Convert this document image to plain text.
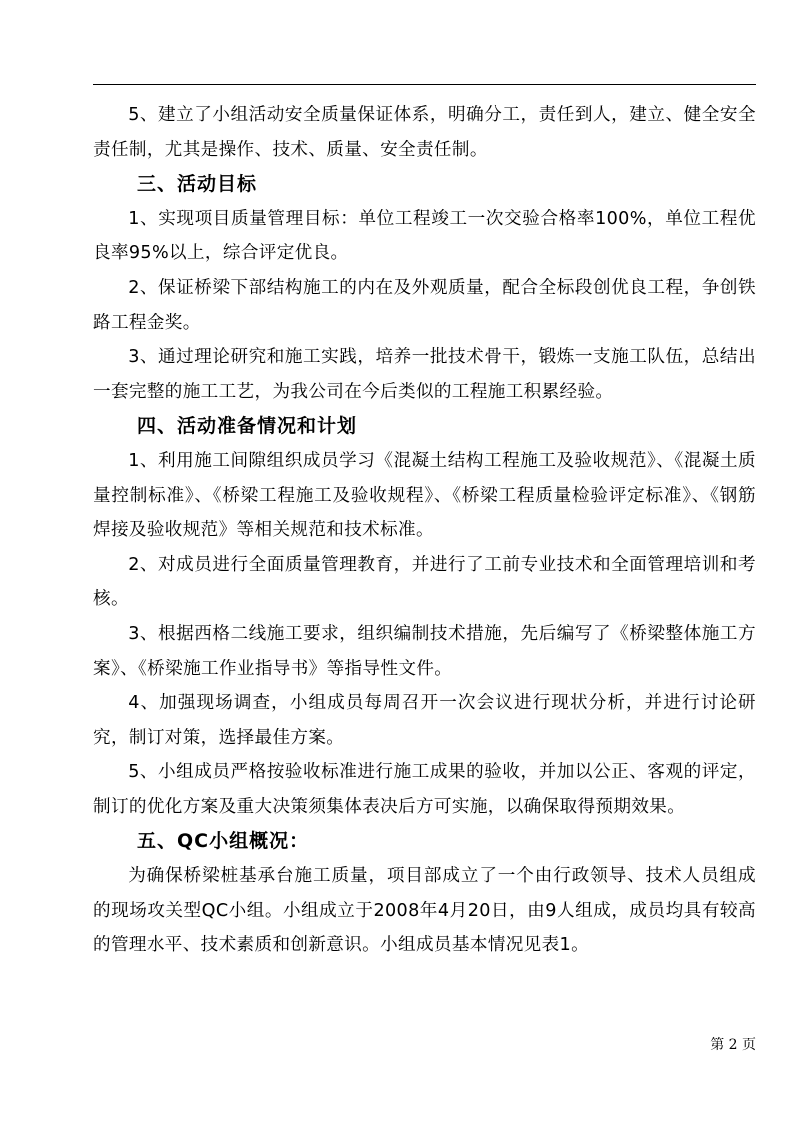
5、建立了小组活动安全质量保证体系，明确分工，责任到人，建立、健全安全责任制，尤其是操作、技术、质量、安全责任制。

三、活动目标

1、实现项目质量管理目标：单位工程竣工一次交验合格率100%，单位工程优良率95%以上，综合评定优良。

2、保证桥梁下部结构施工的内在及外观质量，配合全标段创优良工程，争创铁路工程金奖。

3、通过理论研究和施工实践，培养一批技术骨干，锻炼一支施工队伍，总结出一套完整的施工工艺，为我公司在今后类似的工程施工积累经验。

四、活动准备情况和计划

1、利用施工间隙组织成员学习《混凝土结构工程施工及验收规范》、《混凝土质量控制标准》、《桥梁工程施工及验收规程》、《桥梁工程质量检验评定标准》、《钢筋焊接及验收规范》等相关规范和技术标准。

2、对成员进行全面质量管理教育，并进行了工前专业技术和全面管理培训和考核。

3、根据西格二线施工要求，组织编制技术措施，先后编写了《桥梁整体施工方案》、《桥梁施工作业指导书》等指导性文件。

4、加强现场调查，小组成员每周召开一次会议进行现状分析，并进行讨论研究，制订对策，选择最佳方案。

5、小组成员严格按验收标准进行施工成果的验收，并加以公正、客观的评定，制订的优化方案及重大决策须集体表决后方可实施，以确保取得预期效果。

五、QC小组概况：

为确保桥梁桩基承台施工质量，项目部成立了一个由行政领导、技术人员组成的现场攻关型QC小组。小组成立于2008年4月20日，由9人组成，成员均具有较高的管理水平、技术素质和创新意识。小组成员基本情况见表1。

第 2 页
